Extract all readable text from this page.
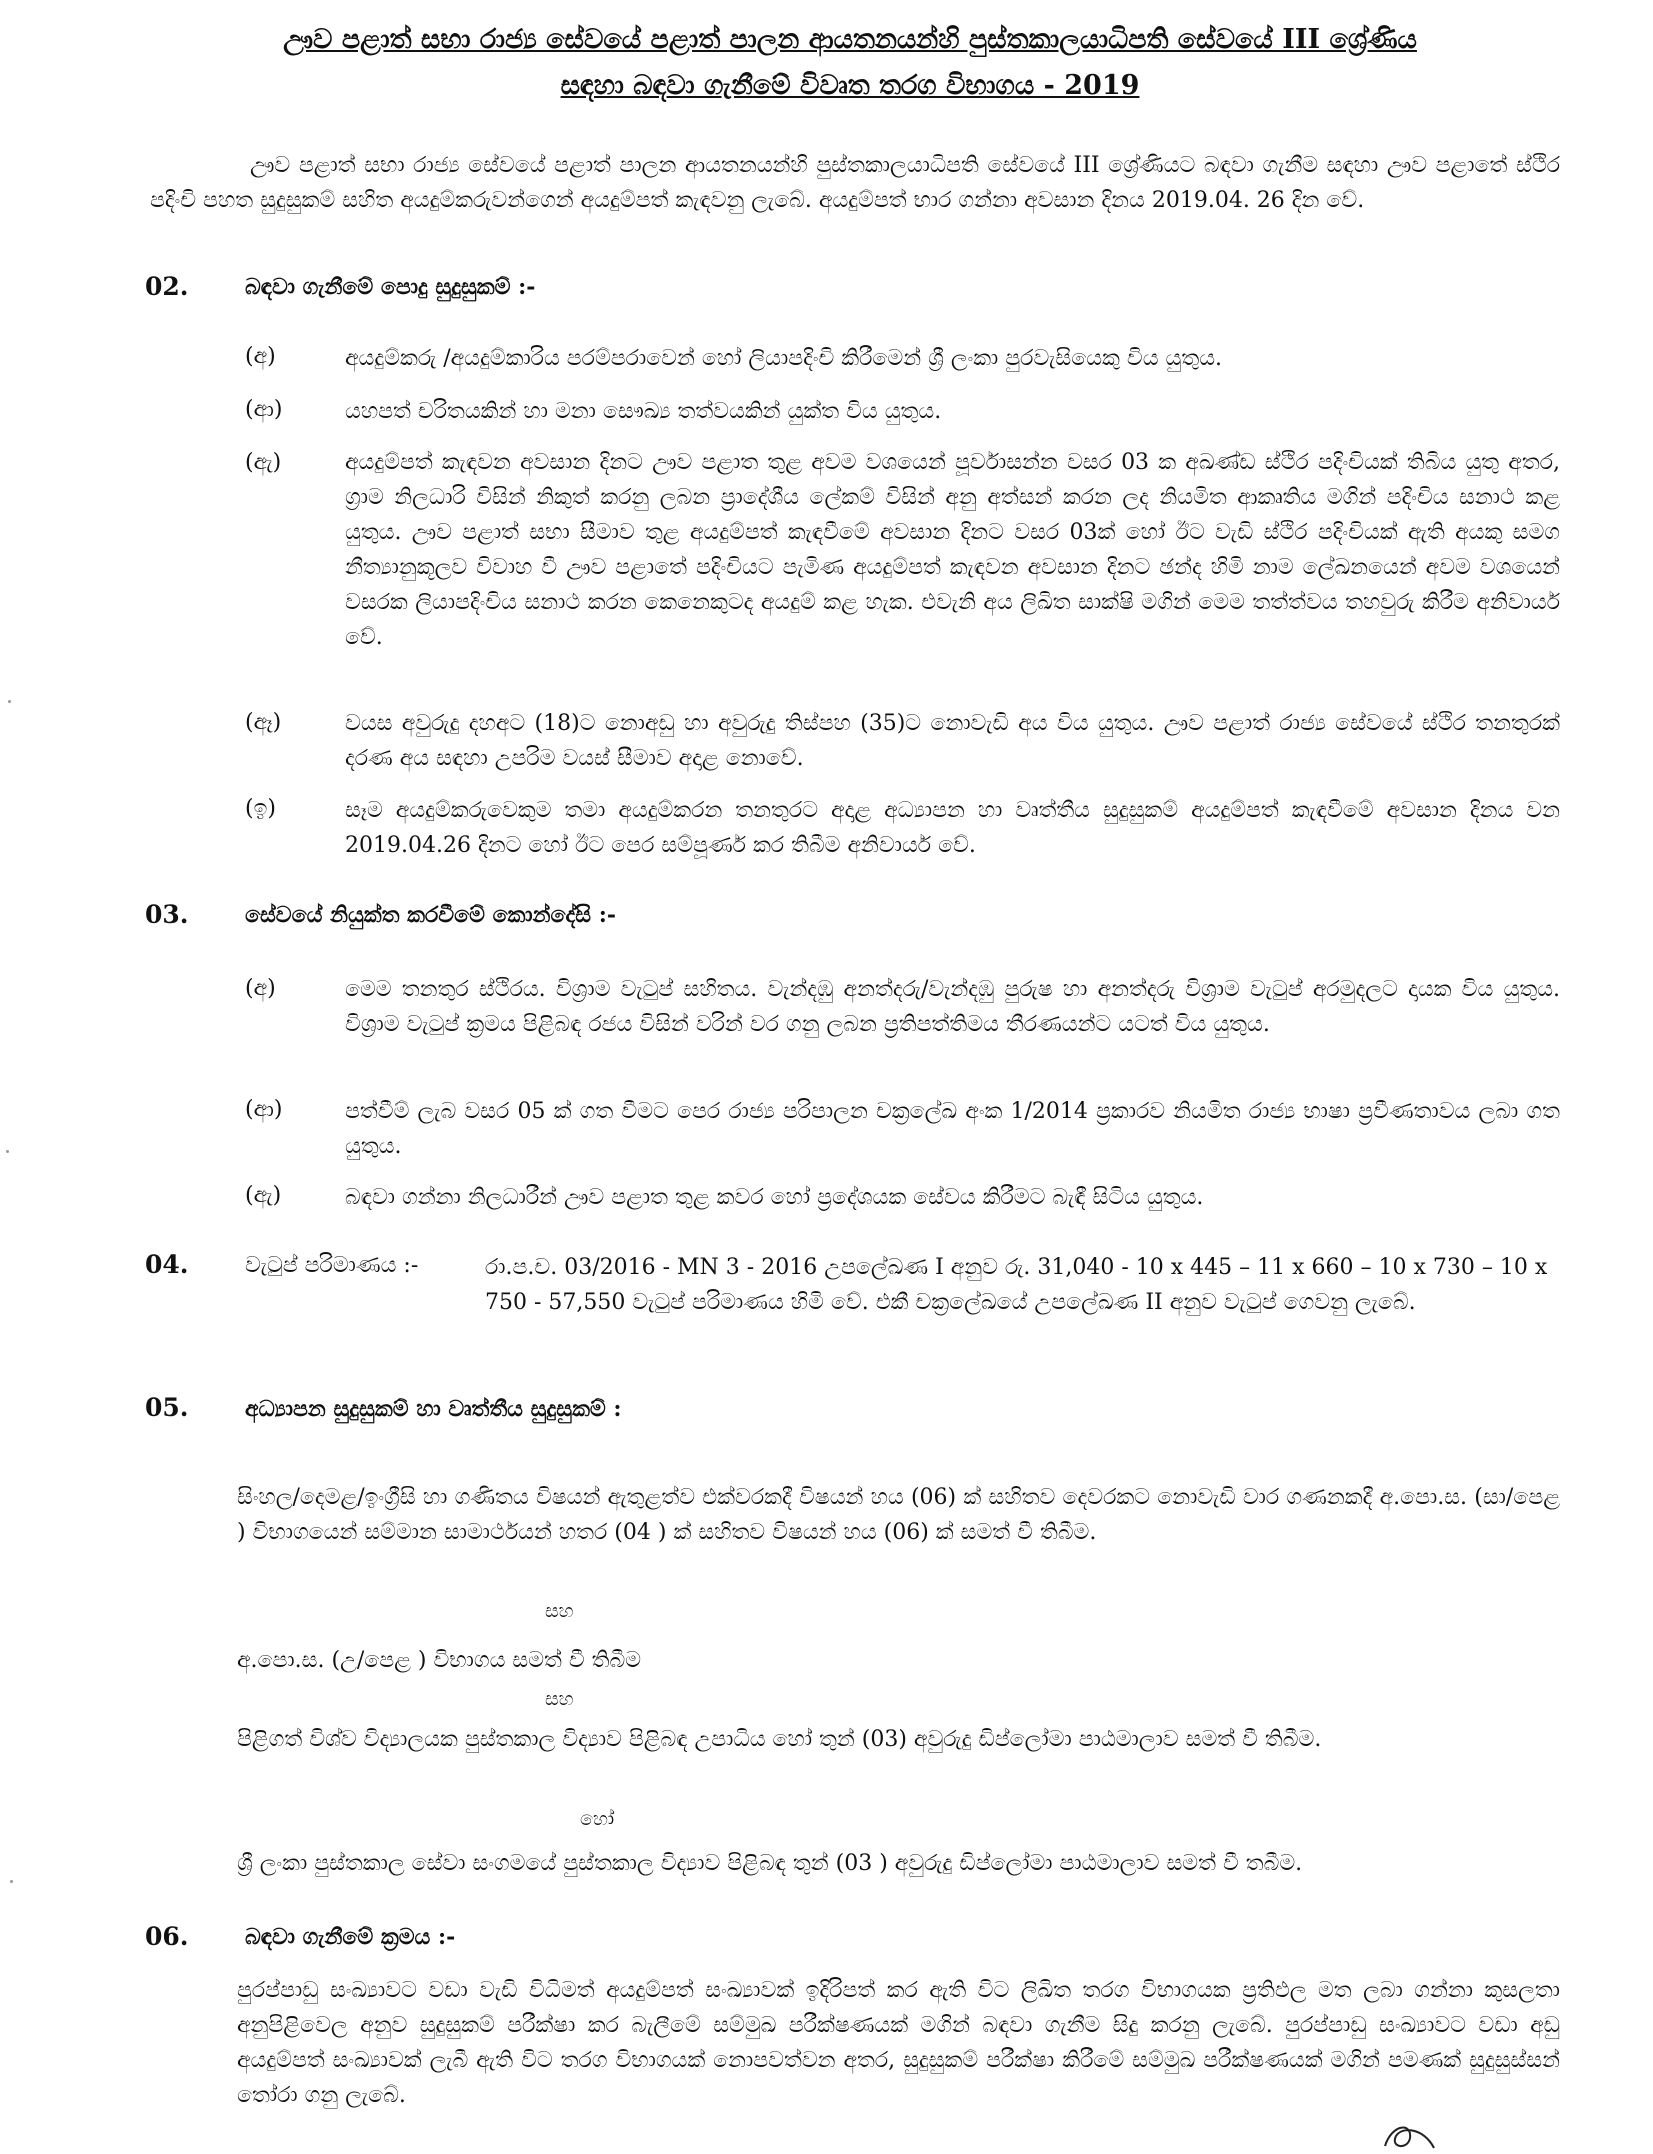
ඌව පළාත් සභා රාජ්‍ය සේවයේ පළාත් පාලන ආයතනයන්හි පුස්තකාලයාධිපති සේවයේ III ශ්‍රේණිය
සඳහා බඳවා ගැනීමේ විවෘත තරග විභාගය - 2019
ඌව පළාත් සභා රාජ්‍ය සේවයේ පළාත් පාලන ආයතනයන්හි පුස්තකාලයාධිපති සේවයේ III ශ්‍රේණියට බඳවා ගැනීම සඳහා ඌව පළාතේ ස්ථිර පදිංචි පහත සුදුසුකම් සහිත අයදුම්කරුවන්ගෙන් අයදුම්පත් කැඳවනු ලැබේ. අයදුම්පත් භාර ගන්නා අවසාන දිනය 2019.04. 26 දින වේ.
02.	බඳවා ගැනීමේ පොදු සුදුසුකම් :-
(අ)	අයදුම්කරු /අයදුම්කාරිය පරම්පරාවෙන් හෝ ලියාපදිංචි කිරීමෙන් ශ්‍රී ලංකා පුරවැසියෙකු විය යුතුය.
(ආ)	යහපත් චරිතයකින් හා මනා සෞඛ්‍ය තත්වයකින් යුක්ත විය යුතුය.
(ඇ)	අයදුම්පත් කැඳවන අවසාන දිනට ඌව පළාත තුළ අවම වශයෙන් පූර්වාසන්න වසර 03 ක අඛණ්ඩ ස්ථිර පදිංචියක් තිබිය යුතු අතර, ග්‍රාම නිලධාරි විසින් නිකුත් කරනු ලබන ප්‍රාදේශීය ලේකම් විසින් අනු අත්සන් කරන ලද නියමිත ආකෘතිය මගින් පදිංචිය සනාථ කළ යුතුය. ඌව පළාත් සභා සීමාව තුළ අයදුම්පත් කැඳවීමේ අවසාන දිනට වසර 03ක් හෝ ඊට වැඩි ස්ථිර පදිංචියක් ඇති අයකු සමග නීත්‍යානුකූලව විවාහ වී ඌව පළාතේ පදිංචියට පැමිණ අයදුම්පත් කැඳවන අවසාන දිනට ඡන්ද හිමි නාම ලේඛනයෙන් අවම වශයෙන් වසරක ලියාපදිංචිය සනාථ කරන කෙනෙකුටද අයදුම් කළ හැක. එවැනි අය ලිඛිත සාක්ෂි මගින් මෙම තත්ත්වය තහවුරු කිරීම අනිවාර්ය වේ.
(ඈ)	වයස අවුරුදු දහඅට (18)ට නොඅඩු හා අවුරුදු තිස්පහ (35)ට නොවැඩි අය විය යුතුය. ඌව පළාත් රාජ්‍ය සේවයේ ස්ථිර තනතුරක් දරණ අය සඳහා උපරිම වයස් සීමාව අදාළ නොවේ.
(ඉ)	සෑම අයදුම්කරුවෙකුම තමා අයදුම්කරන තනතුරට අදාළ අධ්‍යාපන හා වෘත්තීය සුදුසුකම් අයදුම්පත් කැඳවීමේ අවසාන දිනය වන 2019.04.26 දිනට හෝ ඊට පෙර සම්පූර්ණ කර තිබීම අනිවාර්ය වේ.
03.	සේවයේ නියුක්ත කරවීමේ කොන්දේසි :-
(අ)	මෙම තනතුර ස්ථිරය. විශ්‍රාම වැටුප් සහිතය. වැන්දඹු අනත්දරු/වැන්දඹු පුරුෂ හා අනත්දරු විශ්‍රාම වැටුප් අරමුදලට දායක විය යුතුය. විශ්‍රාම වැටුප් ක්‍රමය පිළිබඳ රජය විසින් වරින් වර ගනු ලබන ප්‍රතිපත්තිමය තීරණයන්ට යටත් විය යුතුය.
(ආ)	පත්වීම් ලැබ වසර 05 ක් ගත වීමට පෙර රාජ්‍ය පරිපාලන චක්‍රලේඛ අංක 1/2014 ප්‍රකාරව නියමිත රාජ්‍ය භාෂා ප්‍රවීණතාවය ලබා ගත යුතුය.
(ඇ)	බඳවා ගන්නා නිලධාරීන් ඌව පළාත තුළ කවර හෝ ප්‍රදේශයක සේවය කිරීමට බැඳී සිටිය යුතුය.
04.	වැටුප් පරිමාණය :-	රා.ප.ච. 03/2016 - MN 3 - 2016 උපලේඛණ I අනුව රු. 31,040 - 10 x 445 – 11 x 660 – 10 x 730 – 10 x 750 - 57,550 වැටුප් පරිමාණය හිමි වේ. එකී චක්‍රලේඛයේ උපලේඛණ II අනුව වැටුප් ගෙවනු ලැබේ.
05.	අධ්‍යාපන සුදුසුකම් හා වෘත්තීය සුදුසුකම් :
සිංහල/දෙමළ/ඉංග්‍රීසි හා ගණිතය විෂයන් ඇතුළත්ව එක්වරකදී විෂයන් හය (06) ක් සහිතව දෙවරකට නොවැඩි වාර ගණනකදී අ.පො.ස. (සා/පෙළ ) විභාගයෙන් සම්මාන සාමාර්ථයන් හතර (04 ) ක් සහිතව විෂයන් හය (06) ක් සමත් වී තිබීම.
සහ
අ.පො.ස. (උ/පෙළ ) විභාගය සමත් වී තිබීම
සහ
පිළිගත් විශ්ව විද්‍යාලයක පුස්තකාල විද්‍යාව පිළිබඳ උපාධිය හෝ තුන් (03) අවුරුදු ඩිප්ලෝමා පාඨමාලාව සමත් වී තිබීම.
හෝ
ශ්‍රී ලංකා පුස්තකාල සේවා සංගමයේ පුස්තකාල විද්‍යාව පිළිබඳ තුන් (03 ) අවුරුදු ඩිප්ලෝමා පාඨමාලාව සමත් වී තබීම.
06.	බඳවා ගැනීමේ ක්‍රමය :-
පුරප්පාඩු සංඛ්‍යාවට වඩා වැඩි විධිමත් අයදුම්පත් සංඛ්‍යාවක් ඉදිරිපත් කර ඇති විට ලිඛිත තරග විභාගයක ප්‍රතිඵල මත ලබා ගන්නා කුසලතා අනුපිළිවෙල අනුව සුදුසුකම් පරීක්ෂා කර බැලීමේ සම්මුඛ පරීක්ෂණයක් මගින් බඳවා ගැනීම සිදු කරනු ලැබේ. පුරප්පාඩු සංඛ්‍යාවට වඩා අඩු අයදුම්පත් සංඛ්‍යාවක් ලැබී ඇති විට තරග විභාගයක් නොපවත්වන අතර, සුදුසුකම් පරීක්ෂා කිරීමේ සම්මුඛ පරීක්ෂණයක් මගින් පමණක් සුදුසුස්සන් තෝරා ගනු ලැබේ.
